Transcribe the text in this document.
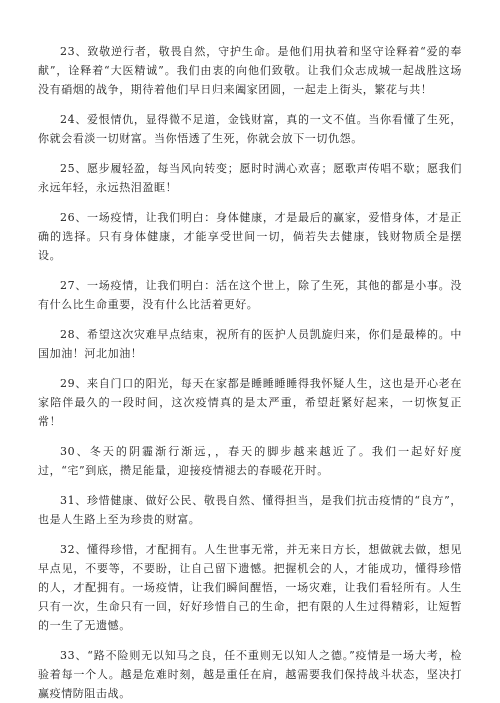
23、致敬逆行者，敬畏自然，守护生命。是他们用执着和坚守诠释着“爱的奉献”，诠释着“大医精诚”。我们由衷的向他们致敬。让我们众志成城一起战胜这场没有硝烟的战争，期待着他们早日归来阖家团圆，一起走上街头，繁花与共！

24、爱恨情仇，显得微不足道，金钱财富，真的一文不值。当你看懂了生死，你就会看淡一切财富。当你悟透了生死，你就会放下一切仇怨。

25、愿步履轻盈，每当风向转变；愿时时满心欢喜；愿歌声传唱不歇；愿我们永远年轻，永远热泪盈眶！

26、一场疫情，让我们明白：身体健康，才是最后的赢家，爱惜身体，才是正确的选择。只有身体健康，才能享受世间一切，倘若失去健康，钱财物质全是摆设。

27、一场疫情，让我们明白：活在这个世上，除了生死，其他的都是小事。没有什么比生命重要，没有什么比活着更好。

28、希望这次灾难早点结束，祝所有的医护人员凯旋归来，你们是最棒的。中国加油！河北加油！

29、来自门口的阳光，每天在家都是睡睡睡睡得我怀疑人生，这也是开心老在家陪伴最久的一段时间，这次疫情真的是太严重，希望赶紧好起来，一切恢复正常！

30、冬天的阴霾渐行渐远，，春天的脚步越来越近了。我们一起好好度过，“宅”到底，攒足能量，迎接疫情褪去的春暖花开时。

31、珍惜健康、做好公民、敬畏自然、懂得担当，是我们抗击疫情的“良方”，也是人生路上至为珍贵的财富。

32、懂得珍惜，才配拥有。人生世事无常，并无来日方长，想做就去做，想见早点见，不要等，不要盼，让自己留下遗憾。把握机会的人，才能成功，懂得珍惜的人，才配拥有。一场疫情，让我们瞬间醒悟，一场灾难，让我们看轻所有。人生只有一次，生命只有一回，好好珍惜自己的生命，把有限的人生过得精彩，让短暂的一生了无遗憾。

33、“路不险则无以知马之良，任不重则无以知人之德。”疫情是一场大考，检验着每一个人。越是危难时刻，越是重任在肩，越需要我们保持战斗状态，坚决打赢疫情防阻击战。
